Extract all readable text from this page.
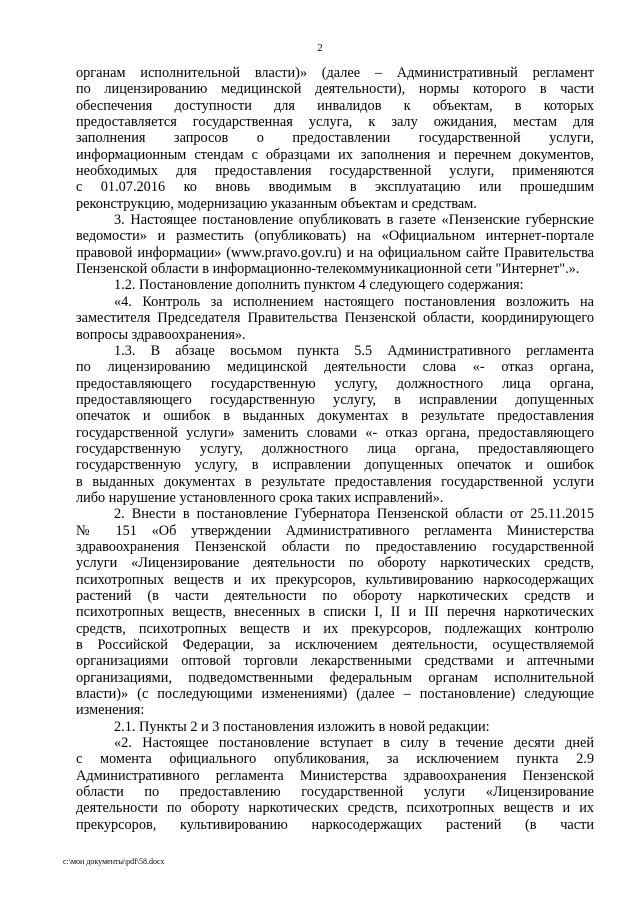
2
органам исполнительной власти)» (далее – Административный регламент
по лицензированию медицинской деятельности), нормы которого в части
обеспечения доступности для инвалидов к объектам, в которых
предоставляется государственная услуга, к залу ожидания, местам для
заполнения запросов о предоставлении государственной услуги,
информационным стендам с образцами их заполнения и перечнем документов,
необходимых для предоставления государственной услуги, применяются
с 01.07.2016 ко вновь вводимым в эксплуатацию или прошедшим
реконструкцию, модернизацию указанным объектам и средствам.
3. Настоящее постановление опубликовать в газете «Пензенские губернские
ведомости» и разместить (опубликовать) на «Официальном интернет-портале
правовой информации» (www.pravo.gov.ru) и на официальном сайте Правительства
Пензенской области в информационно-телекоммуникационной сети "Интернет".».
1.2. Постановление дополнить пунктом 4 следующего содержания:
«4. Контроль за исполнением настоящего постановления возложить на
заместителя Председателя Правительства Пензенской области, координирующего
вопросы здравоохранения».
1.3. В абзаце восьмом пункта 5.5 Административного регламента
по лицензированию медицинской деятельности слова «- отказ органа,
предоставляющего государственную услугу, должностного лица органа,
предоставляющего государственную услугу, в исправлении допущенных
опечаток и ошибок в выданных документах в результате предоставления
государственной услуги» заменить словами «- отказ органа, предоставляющего
государственную услугу, должностного лица органа, предоставляющего
государственную услугу, в исправлении допущенных опечаток и ошибок
в выданных документах в результате предоставления государственной услуги
либо нарушение установленного срока таких исправлений».
2. Внести в постановление Губернатора Пензенской области от 25.11.2015
№ 151 «Об утверждении Административного регламента Министерства
здравоохранения Пензенской области по предоставлению государственной
услуги «Лицензирование деятельности по обороту наркотических средств,
психотропных веществ и их прекурсоров, культивированию наркосодержащих
растений (в части деятельности по обороту наркотических средств и
психотропных веществ, внесенных в списки I, II и III перечня наркотических
средств, психотропных веществ и их прекурсоров, подлежащих контролю
в Российской Федерации, за исключением деятельности, осуществляемой
организациями оптовой торговли лекарственными средствами и аптечными
организациями, подведомственными федеральным органам исполнительной
власти)» (с последующими изменениями) (далее – постановление) следующие
изменения:
2.1. Пункты 2 и 3 постановления изложить в новой редакции:
«2. Настоящее постановление вступает в силу в течение десяти дней
с момента официального опубликования, за исключением пункта 2.9
Административного регламента Министерства здравоохранения Пензенской
области по предоставлению государственной услуги «Лицензирование
деятельности по обороту наркотических средств, психотропных веществ и их
прекурсоров, культивированию наркосодержащих растений (в части
c:\мои документы\pdf\58.docx
